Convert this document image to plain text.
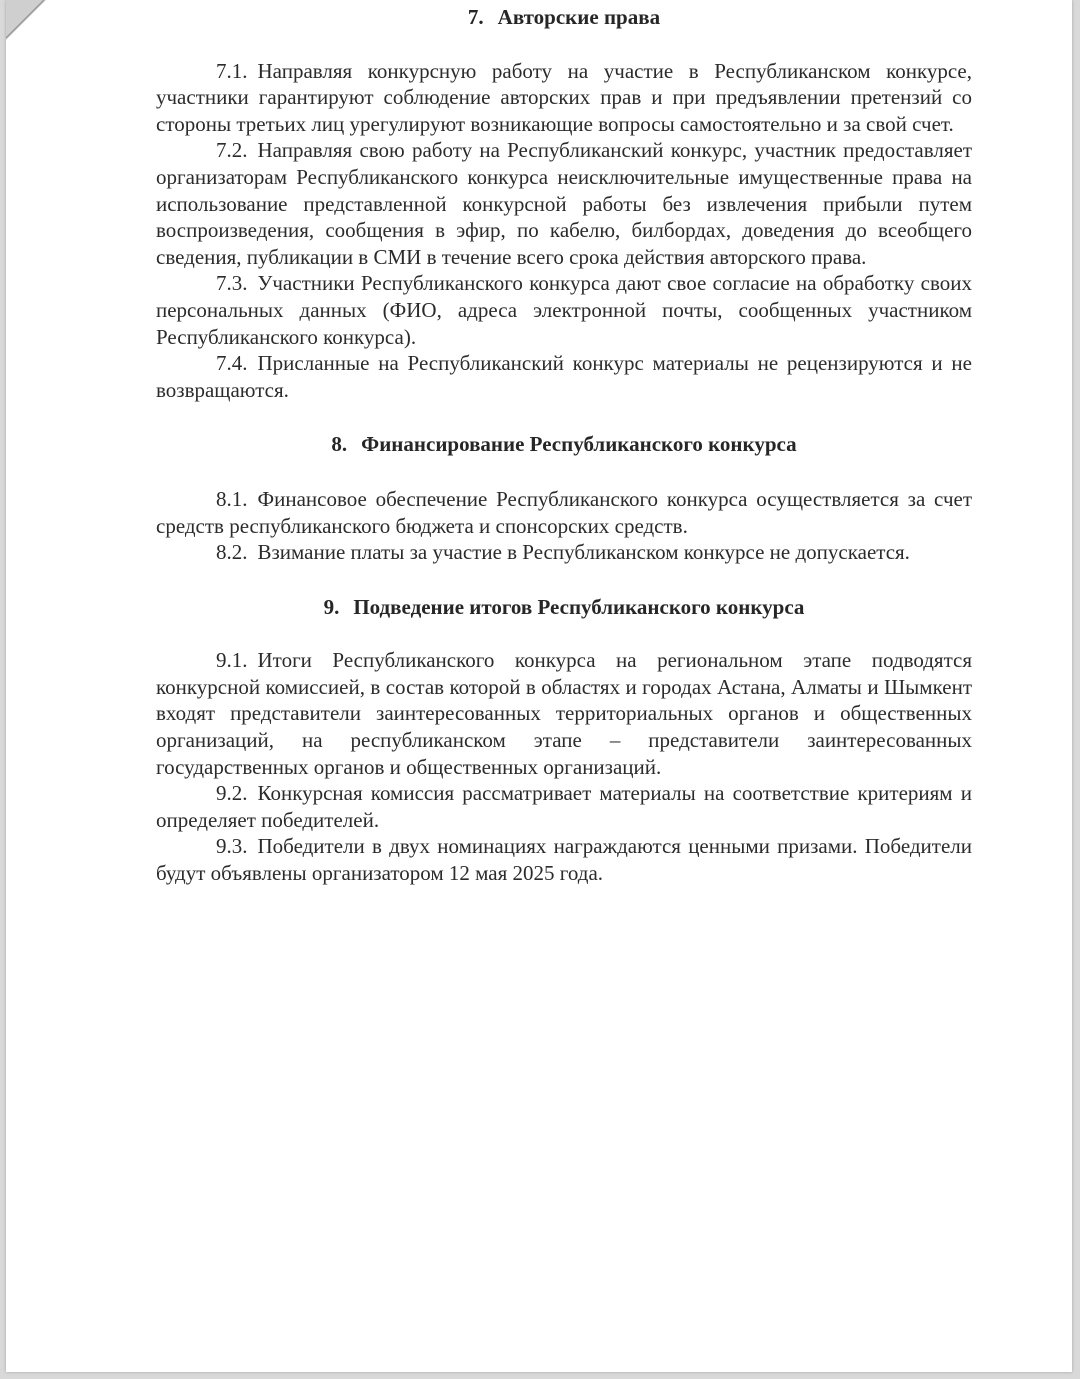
7. Авторские права

7.1. Направляя конкурсную работу на участие в Республиканском конкурсе, участники гарантируют соблюдение авторских прав и при предъявлении претензий со стороны третьих лиц урегулируют возникающие вопросы самостоятельно и за свой счет.

7.2. Направляя свою работу на Республиканский конкурс, участник предоставляет организаторам Республиканского конкурса неисключительные имущественные права на использование представленной конкурсной работы без извлечения прибыли путем воспроизведения, сообщения в эфир, по кабелю, билбордах, доведения до всеобщего сведения, публикации в СМИ в течение всего срока действия авторского права.

7.3. Участники Республиканского конкурса дают свое согласие на обработку своих персональных данных (ФИО, адреса электронной почты, сообщенных участником Республиканского конкурса).

7.4. Присланные на Республиканский конкурс материалы не рецензируются и не возвращаются.

8. Финансирование Республиканского конкурса

8.1. Финансовое обеспечение Республиканского конкурса осуществляется за счет средств республиканского бюджета и спонсорских средств.

8.2. Взимание платы за участие в Республиканском конкурсе не допускается.

9. Подведение итогов Республиканского конкурса

9.1. Итоги Республиканского конкурса на региональном этапе подводятся конкурсной комиссией, в состав которой в областях и городах Астана, Алматы и Шымкент входят представители заинтересованных территориальных органов и общественных организаций, на республиканском этапе – представители заинтересованных государственных органов и общественных организаций.

9.2. Конкурсная комиссия рассматривает материалы на соответствие критериям и определяет победителей.

9.3. Победители в двух номинациях награждаются ценными призами. Победители будут объявлены организатором 12 мая 2025 года.
